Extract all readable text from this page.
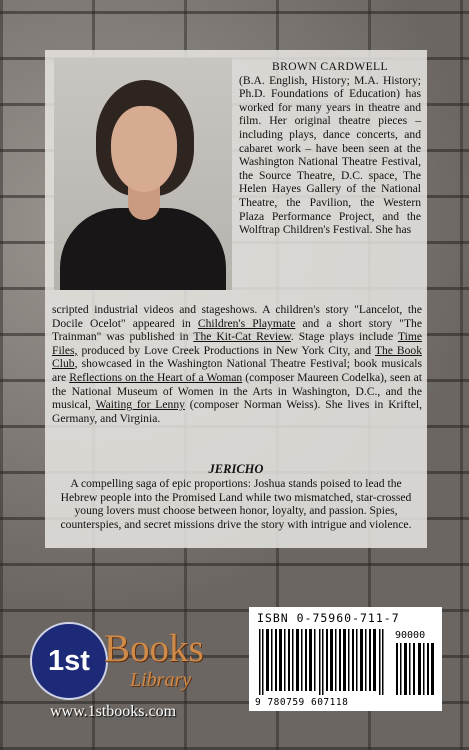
BROWN CARDWELL
(B.A. English, History; M.A. History; Ph.D. Foundations of Education) has worked for many years in theatre and film. Her original theatre pieces – including plays, dance concerts, and cabaret work – have been seen at the Washington National Theatre Festival, the Source Theatre, D.C. space, The Helen Hayes Gallery of the National Theatre, the Pavilion, the Western Plaza Performance Project, and the Wolftrap Children's Festival. She has
scripted industrial videos and stageshows. A children's story "Lancelot, the Docile Ocelot" appeared in Children's Playmate and a short story "The Trainman" was published in The Kit-Cat Review. Stage plays include Time Files, produced by Love Creek Productions in New York City, and The Book Club, showcased in the Washington National Theatre Festival; book musicals are Reflections on the Heart of a Woman (composer Maureen Codelka), seen at the National Museum of Women in the Arts in Washington, D.C., and the musical, Waiting for Lenny (composer Norman Weiss). She lives in Kriftel, Germany, and Virginia.
JERICHO
A compelling saga of epic proportions: Joshua stands poised to lead the Hebrew people into the Promised Land while two mismatched, star-crossed young lovers must choose between honor, loyalty, and passion. Spies, counterspies, and secret missions drive the story with intrigue and violence.
ISBN 0-75960-711-7
90000
9 780759 607118
1st Books
Library
www.1stbooks.com
